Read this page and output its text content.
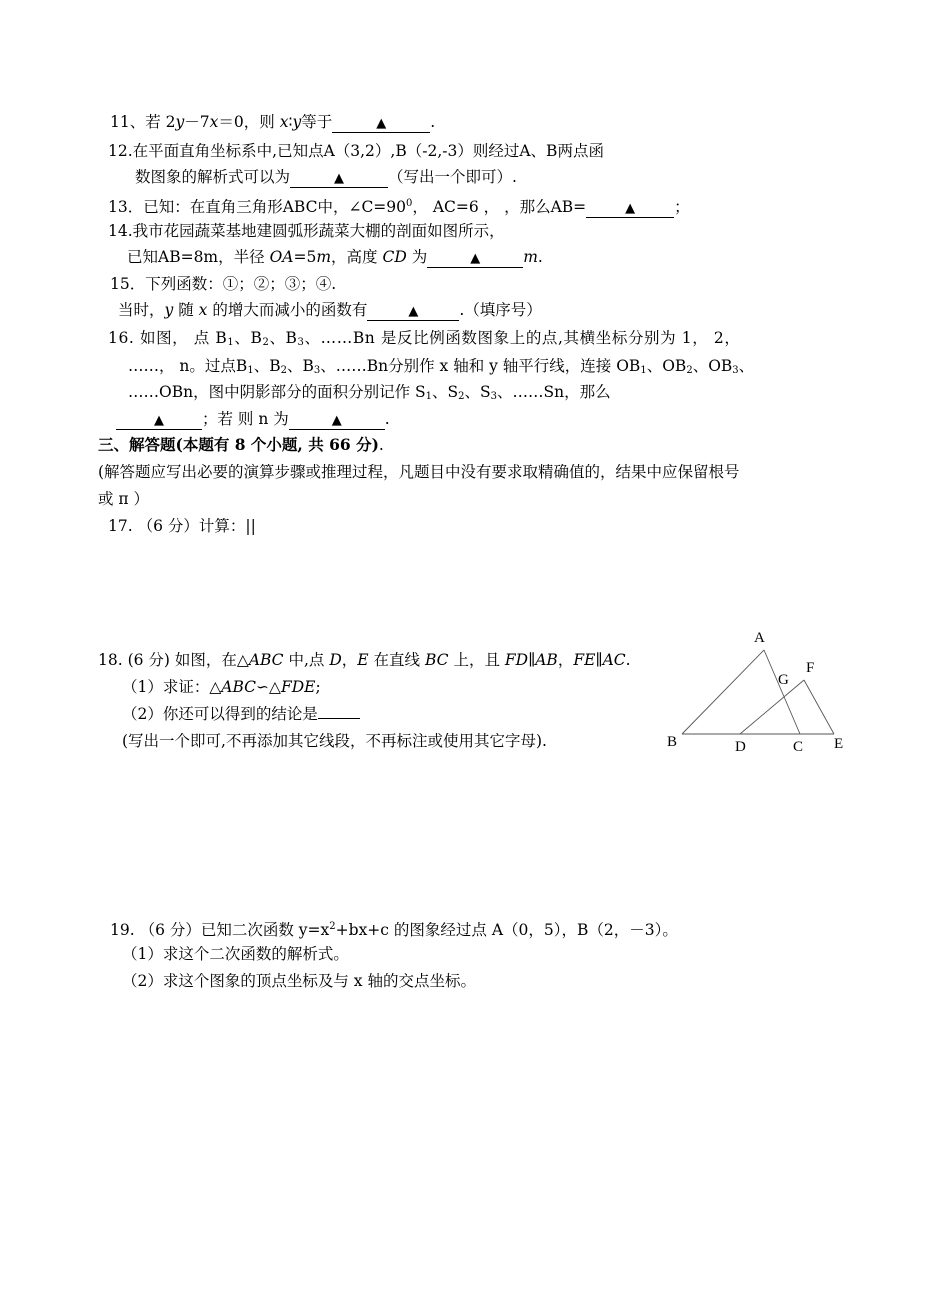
11、若 2y－7x＝0，则 x∶y等于	▲	.
12.在平面直角坐标系中,已知点A（3,2）,B（-2,-3）则经过A、B两点函
数图象的解析式可以为	▲	（写出一个即可）.
13．已知：在直角三角形ABC中，$\angle C=90^0$， AC=6 ， ，那么AB=	▲	；
14.我市花园蔬菜基地建圆弧形蔬菜大棚的剖面如图所示，
已知AB=8m，半径 OA=5m，高度 CD 为	▲	m.
15．下列函数：①；②；③；④.
当时，y 随 x 的增大而减小的函数有	▲	.（填序号）
16. 如图， 点 $B_1$、$B_2$、$B_3$、……Bn 是反比例函数图象上的点,其横坐标分别为 1， 2，
……， n。过点$B_1$、$B_2$、$B_3$、……Bn分别作 x 轴和 y 轴平行线，连接 $OB_1$、$OB_2$、$OB_3$、
……OBn，图中阴影部分的面积分别记作 $S_1$、$S_2$、$S_3$、……Sn，那么
▲ ；若 则 n 为	▲	.
三、解答题(本题有 8 个小题, 共 66 分).
(解答题应写出必要的演算步骤或推理过程，凡题目中没有要求取精确值的，结果中应保留根号
或 π ）
17. （6 分）计算：||
18. (6 分) 如图，在△ABC 中,点 D，E 在直线 BC 上，且 FD∥AB，FE∥AC.
（1）求证：△ABC∽△FDE;
（2）你还可以得到的结论是
(写出一个即可,不再添加其它线段，不再标注或使用其它字母).
A
G
F
B	D	C E
19. （6 分）已知二次函数 $y=x^2+bx+c$ 的图象经过点 A（0，5），B（2，－3）。
（1）求这个二次函数的解析式。
（2）求这个图象的顶点坐标及与 x 轴的交点坐标。
